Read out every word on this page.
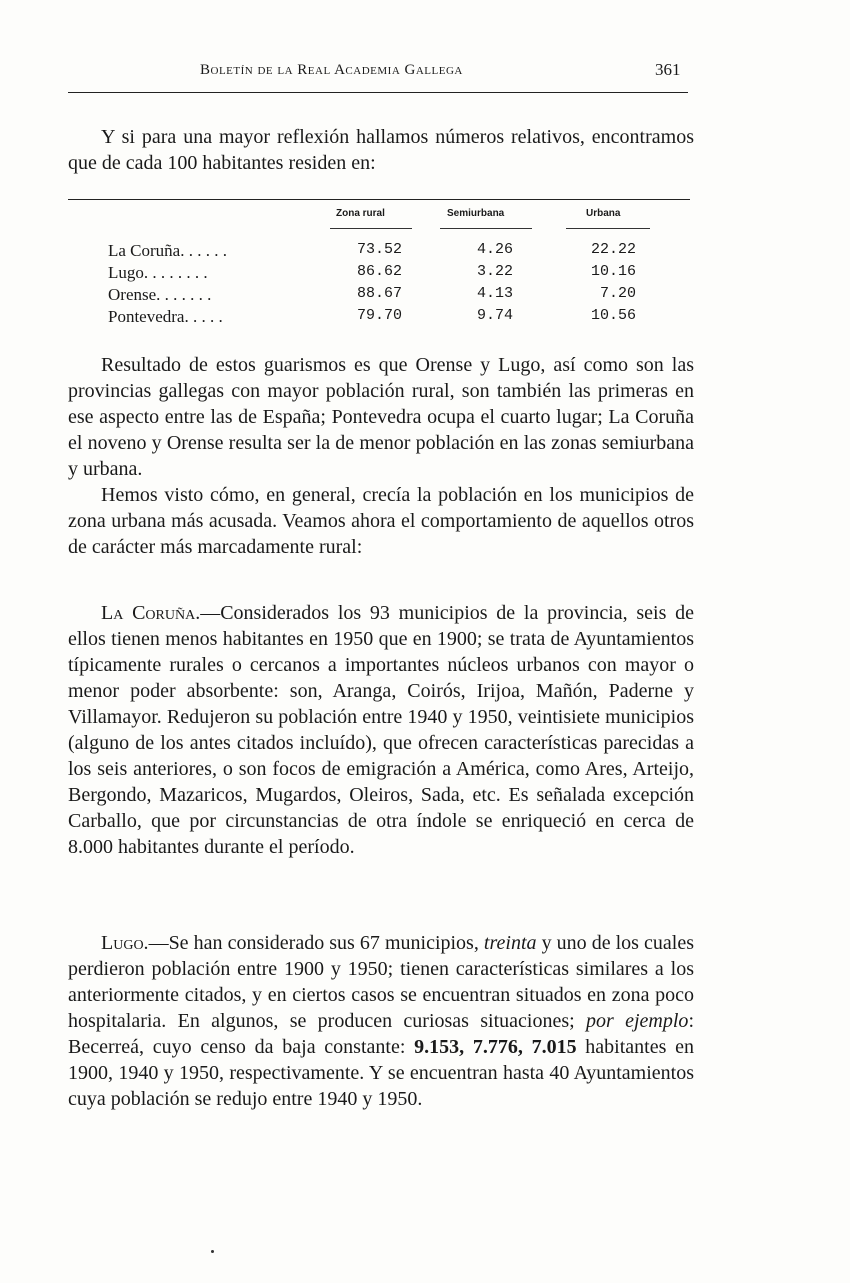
Boletín de la Real Academia Gallega	361
Y si para una mayor reflexión hallamos números relativos, encontramos que de cada 100 habitantes residen en:
Zona rural	Semiurbana	Urbana
La Coruña. . . . . .	73.52	4.26	22.22
Lugo. . . . . . . .	86.62	3.22	10.16
Orense. . . . . . .	88.67	4.13	7.20
Pontevedra. . . . .	79.70	9.74	10.56
Resultado de estos guarismos es que Orense y Lugo, así como son las provincias gallegas con mayor población rural, son también las primeras en ese aspecto entre las de España; Pontevedra ocupa el cuarto lugar; La Coruña el noveno y Orense resulta ser la de menor población en las zonas semiurbana y urbana.
Hemos visto cómo, en general, crecía la población en los municipios de zona urbana más acusada. Veamos ahora el comportamiento de aquellos otros de carácter más marcadamente rural:
La Coruña.—Considerados los 93 municipios de la provincia, seis de ellos tienen menos habitantes en 1950 que en 1900; se trata de Ayuntamientos típicamente rurales o cercanos a importantes núcleos urbanos con mayor o menor poder absorbente: son, Aranga, Coirós, Irijoa, Mañón, Paderne y Villamayor. Redujeron su población entre 1940 y 1950, veintisiete municipios (alguno de los antes citados incluído), que ofrecen características parecidas a los seis anteriores, o son focos de emigración a América, como Ares, Arteijo, Bergondo, Mazaricos, Mugardos, Oleiros, Sada, etc. Es señalada excepción Carballo, que por circunstancias de otra índole se enriqueció en cerca de 8.000 habitantes durante el período.
Lugo.—Se han considerado sus 67 municipios, treinta y uno de los cuales perdieron población entre 1900 y 1950; tienen características similares a los anteriormente citados, y en ciertos casos se encuentran situados en zona poco hospitalaria. En algunos, se producen curiosas situaciones; por ejemplo: Becerreá, cuyo censo da baja constante: 9.153, 7.776, 7.015 habitantes en 1900, 1940 y 1950, respectivamente. Y se encuentran hasta 40 Ayuntamientos cuya población se redujo entre 1940 y 1950.
